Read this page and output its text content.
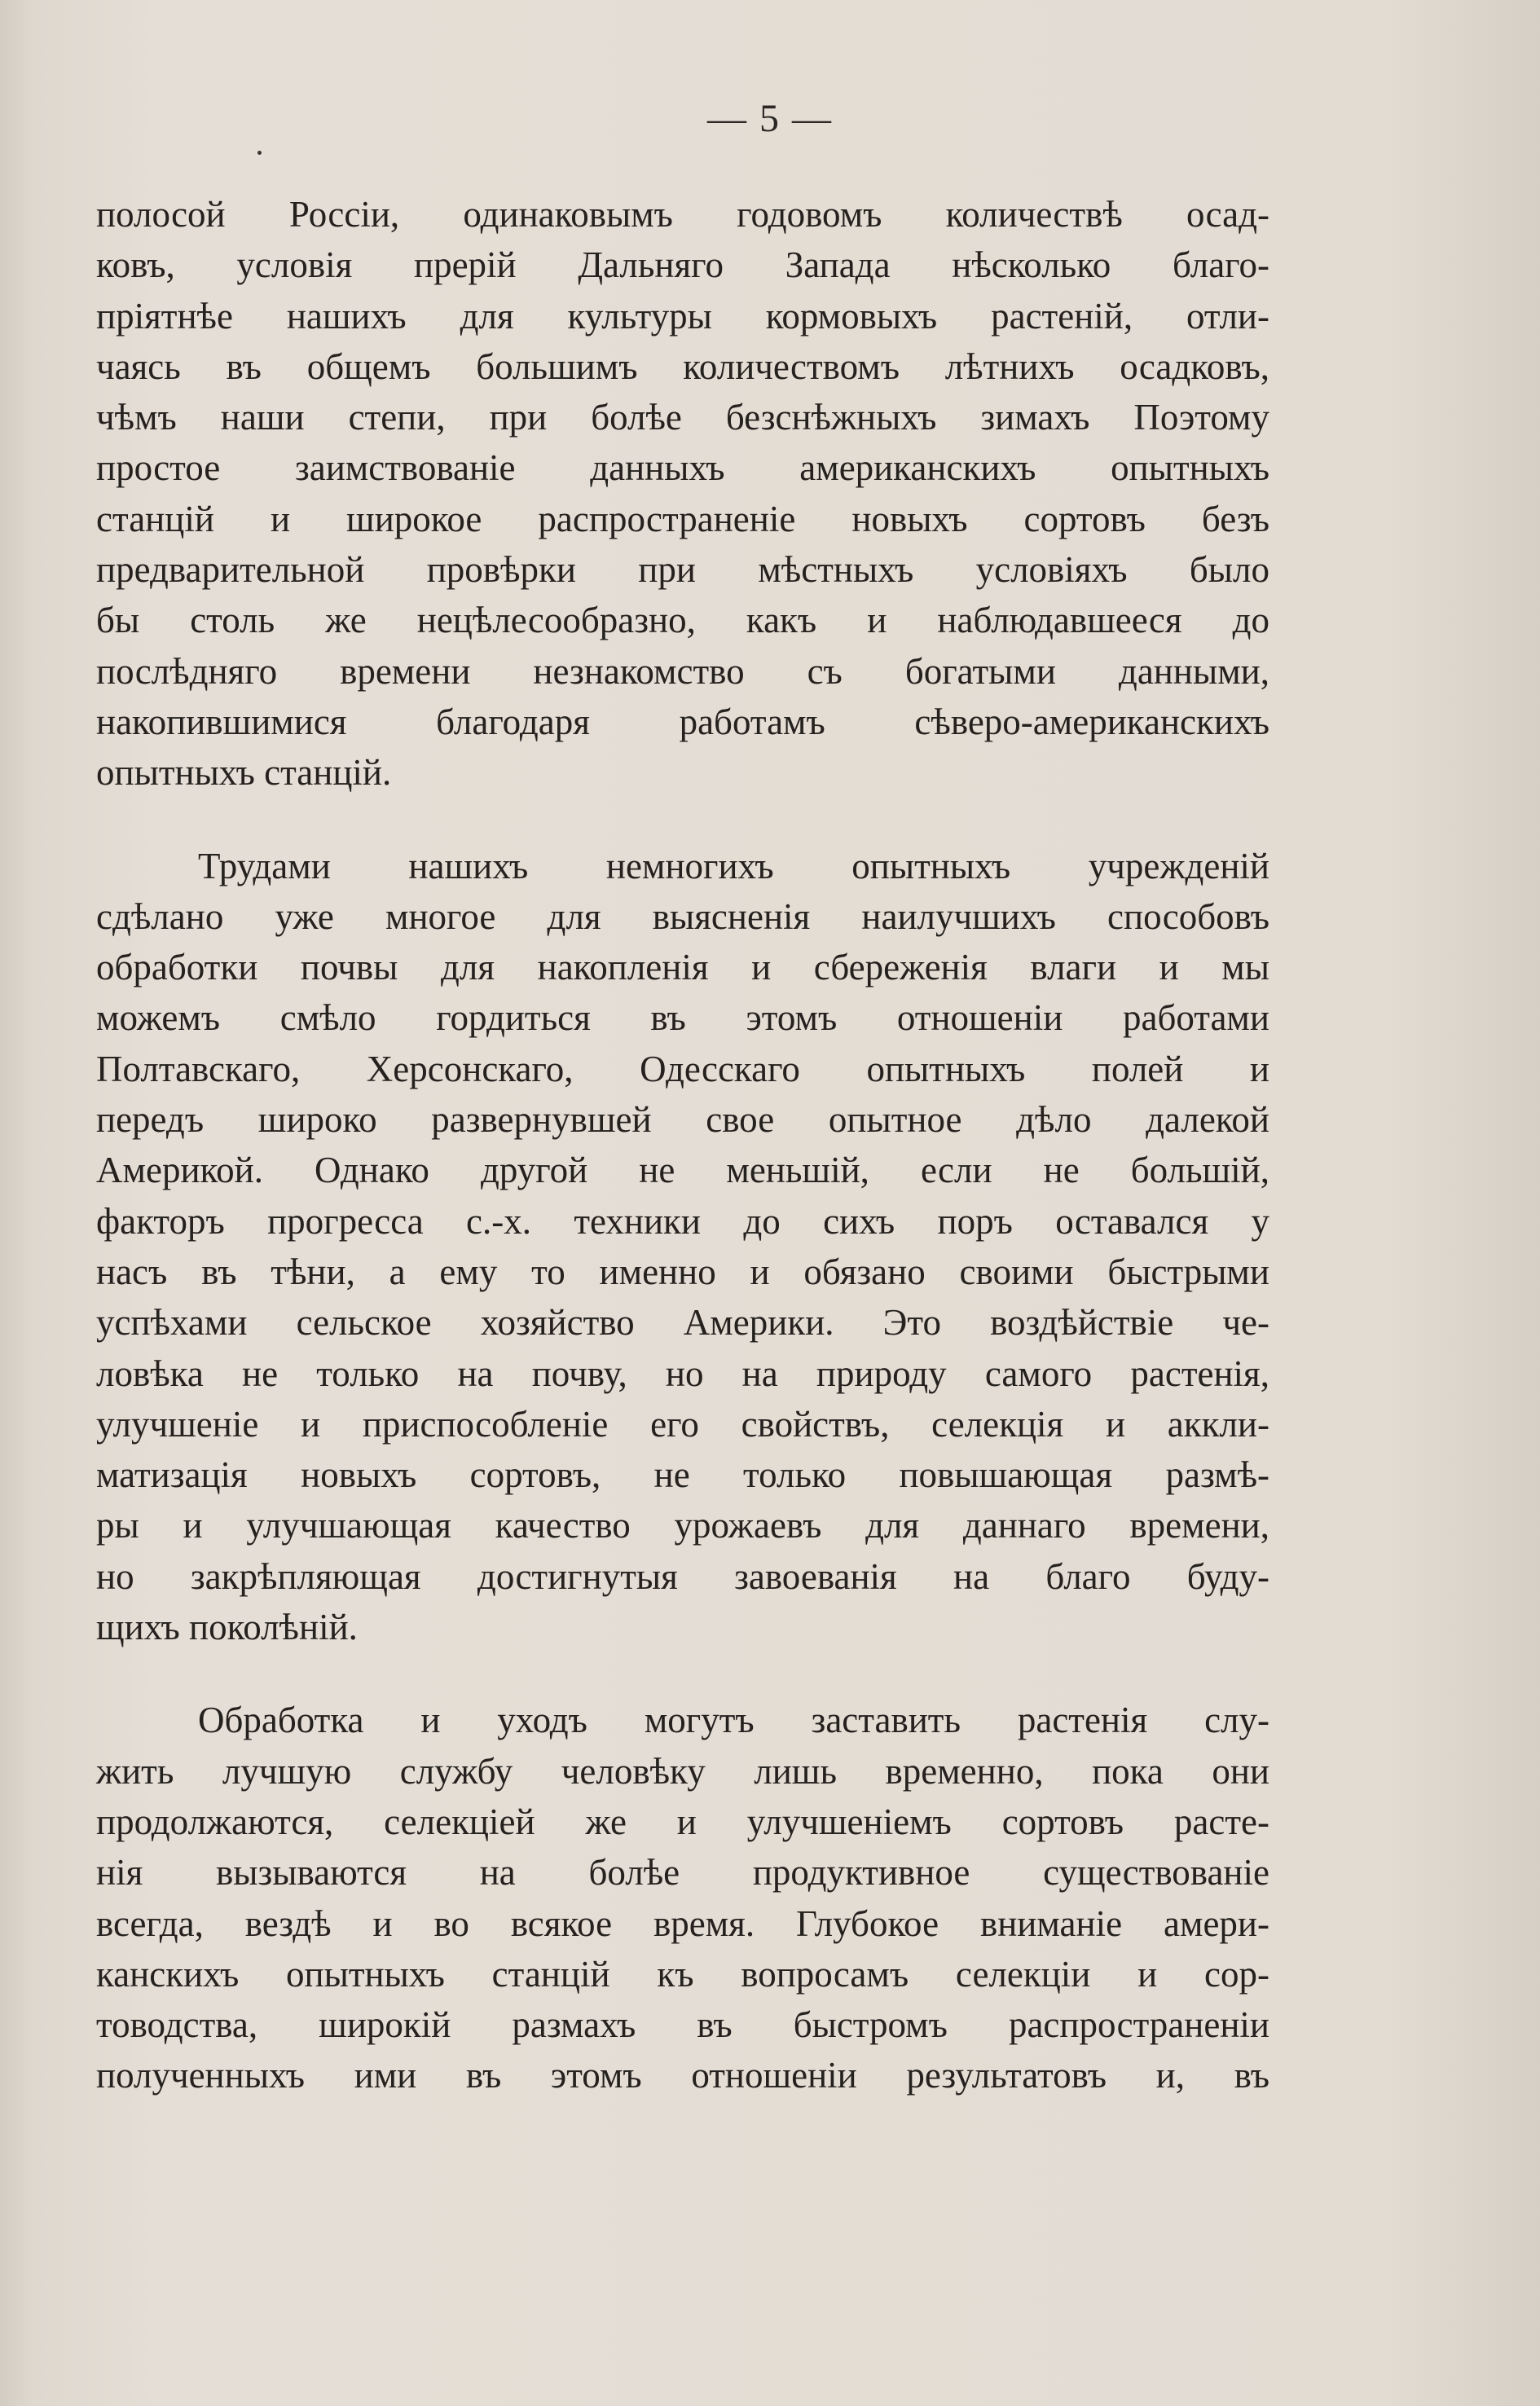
— 5 —
полосой Россіи, одинаковымъ годовомъ количествѣ осад-
ковъ, условія прерій Дальняго Запада нѣсколько благо-
пріятнѣе нашихъ для культуры кормовыхъ растеній, отли-
чаясь въ общемъ большимъ количествомъ лѣтнихъ осадковъ,
чѣмъ наши степи, при болѣе безснѣжныхъ зимахъ Поэтому
простое заимствованіе данныхъ американскихъ опытныхъ
станцій и широкое распространеніе новыхъ сортовъ безъ
предварительной провѣрки при мѣстныхъ условіяхъ было
бы столь же нецѣлесообразно, какъ и наблюдавшееся до
послѣдняго времени незнакомство съ богатыми данными,
накопившимися благодаря работамъ сѣверо-американскихъ
опытныхъ станцій.
Трудами нашихъ немногихъ опытныхъ учрежденій
сдѣлано уже многое для выясненія наилучшихъ способовъ
обработки почвы для накопленія и сбереженія влаги и мы
можемъ смѣло гордиться въ этомъ отношеніи работами
Полтавскаго, Херсонскаго, Одесскаго опытныхъ полей и
передъ широко развернувшей свое опытное дѣло далекой
Америкой. Однако другой не меньшій, если не большій,
факторъ прогресса с.-х. техники до сихъ поръ оставался у
насъ въ тѣни, а ему то именно и обязано своими быстрыми
успѣхами сельское хозяйство Америки. Это воздѣйствіе че-
ловѣка не только на почву, но на природу самого растенія,
улучшеніе и приспособленіе его свойствъ, селекція и аккли-
матизація новыхъ сортовъ, не только повышающая размѣ-
ры и улучшающая качество урожаевъ для даннаго времени,
но закрѣпляющая достигнутыя завоеванія на благо буду-
щихъ поколѣній.
Обработка и уходъ могутъ заставить растенія слу-
жить лучшую службу человѣку лишь временно, пока они
продолжаются, селекціей же и улучшеніемъ сортовъ расте-
нія вызываются на болѣе продуктивное существованіе
всегда, вездѣ и во всякое время. Глубокое вниманіе амери-
канскихъ опытныхъ станцій къ вопросамъ селекціи и сор-
товодства, широкій размахъ въ быстромъ распространеніи
полученныхъ ими въ этомъ отношеніи результатовъ и, въ
